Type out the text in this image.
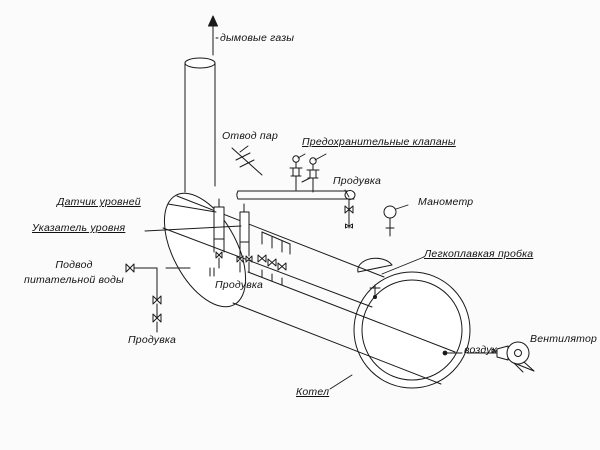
дымовые газы
Отвод пар Предохранительные клапаны
Продувка
Манометр
Датчик уровней
Указатель уровня
Легкоплавкая пробка
Подвод
питательной воды	Продувка
Продувка
воздух
Вентилятор
Котел
